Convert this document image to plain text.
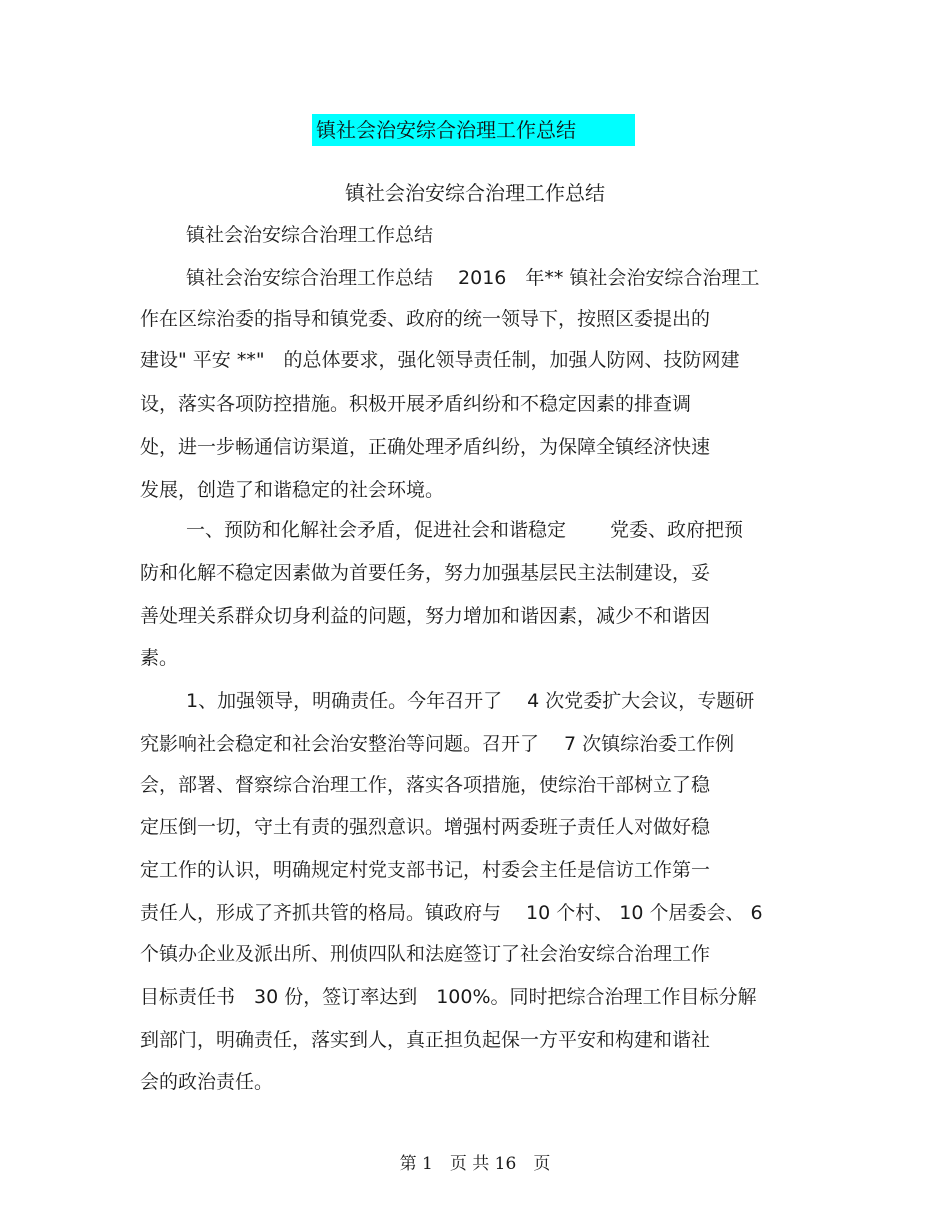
镇社会治安综合治理工作总结
镇社会治安综合治理工作总结
镇社会治安综合治理工作总结
镇社会治安综合治理工作总结　 2016　年** 镇社会治安综合治理工
作在区综治委的指导和镇党委、政府的统一领导下，按照区委提出的
建设" 平安 **"　的总体要求，强化领导责任制，加强人防网、技防网建
设，落实各项防控措施。积极开展矛盾纠纷和不稳定因素的排查调
处，进一步畅通信访渠道，正确处理矛盾纠纷，为保障全镇经济快速
发展，创造了和谐稳定的社会环境。
一、预防和化解社会矛盾，促进社会和谐稳定　　 党委、政府把预
防和化解不稳定因素做为首要任务，努力加强基层民主法制建设，妥
善处理关系群众切身利益的问题，努力增加和谐因素，减少不和谐因
素。
1、加强领导，明确责任。今年召开了　 4 次党委扩大会议，专题研
究影响社会稳定和社会治安整治等问题。召开了　 7 次镇综治委工作例
会，部署、督察综合治理工作，落实各项措施，使综治干部树立了稳
定压倒一切，守土有责的强烈意识。增强村两委班子责任人对做好稳
定工作的认识，明确规定村党支部书记，村委会主任是信访工作第一
责任人，形成了齐抓共管的格局。镇政府与　 10 个村、 10 个居委会、 6
个镇办企业及派出所、刑侦四队和法庭签订了社会治安综合治理工作
目标责任书　30 份，签订率达到　100%。同时把综合治理工作目标分解
到部门，明确责任，落实到人，真正担负起保一方平安和构建和谐社
会的政治责任。
第 1　页 共 16　页
